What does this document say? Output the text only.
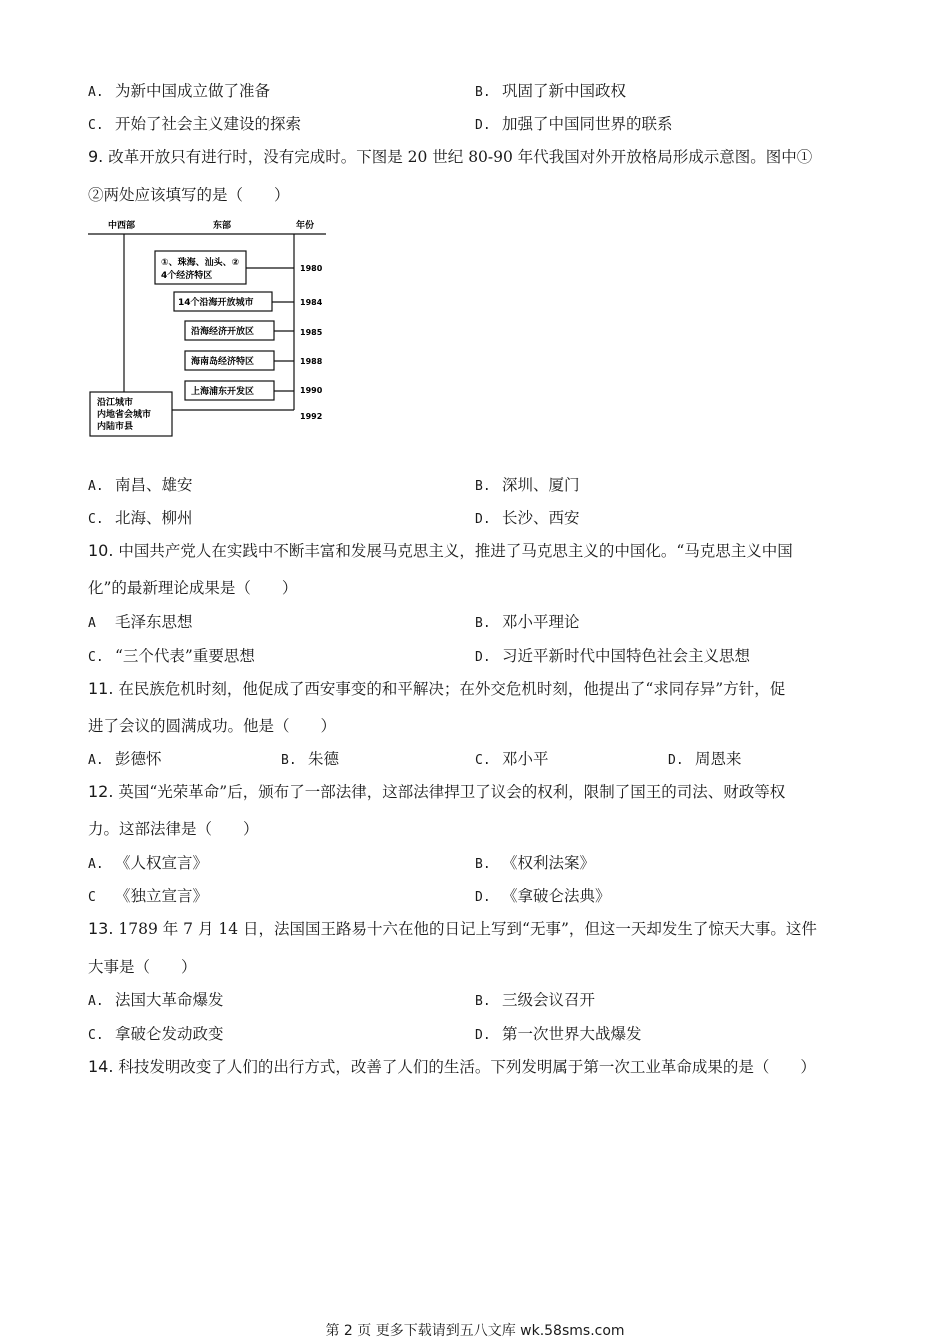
A. 为新中国成立做了准备	B. 巩固了新中国政权
C. 开始了社会主义建设的探索	D. 加强了中国同世界的联系
9. 改革开放只有进行时，没有完成时。下图是 20 世纪 80-90 年代我国对外开放格局形成示意图。图中①
②两处应该填写的是（　　）
中西部	东部	年份
①、珠海、汕头、②
4个经济特区
14个沿海开放城市
沿海经济开放区
海南岛经济特区
上海浦东开发区
沿江城市
内地省会城市
内陆市县
1980
1984
1985
1988
1990
1992
A. 南昌、雄安	B. 深圳、厦门
C. 北海、柳州	D. 长沙、西安
10. 中国共产党人在实践中不断丰富和发展马克思主义，推进了马克思主义的中国化。“马克思主义中国
化”的最新理论成果是（　　）
A 毛泽东思想	B. 邓小平理论
C. “三个代表”重要思想	D. 习近平新时代中国特色社会主义思想
11. 在民族危机时刻，他促成了西安事变的和平解决；在外交危机时刻，他提出了“求同存异”方针，促
进了会议的圆满成功。他是（　　）
A. 彭德怀	B. 朱德	C. 邓小平	D. 周恩来
12. 英国“光荣革命”后，颁布了一部法律，这部法律捍卫了议会的权利，限制了国王的司法、财政等权
力。这部法律是（　　）
A. 《人权宣言》	B. 《权利法案》
C 《独立宣言》	D. 《拿破仑法典》
13. 1789 年 7 月 14 日，法国国王路易十六在他的日记上写到“无事”，但这一天却发生了惊天大事。这件
大事是（　　）
A. 法国大革命爆发	B. 三级会议召开
C. 拿破仑发动政变	D. 第一次世界大战爆发
14. 科技发明改变了人们的出行方式，改善了人们的生活。下列发明属于第一次工业革命成果的是（　　）
第 2 页 更多下载请到五八文库 wk.58sms.com
